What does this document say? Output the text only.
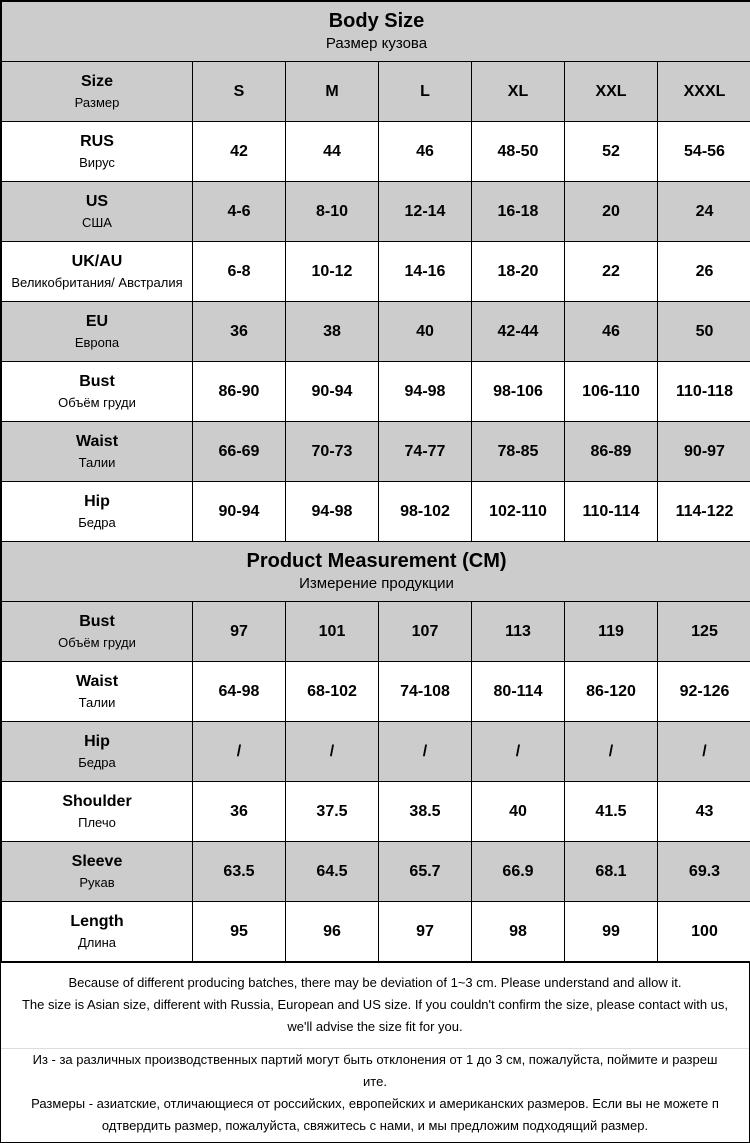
Body Size
Размер кузова						

Size
Размер	S	M	L	XL	XXL	XXXL

RUS
Вирус	42	44	46	48-50	52	54-56

US
США	4-6	8-10	12-14	16-18	20	24

UK/AU
Великобритания/ Австралия	6-8	10-12	14-16	18-20	22	26

EU
Европа	36	38	40	42-44	46	50

Bust
Объём груди	86-90	90-94	94-98	98-106	106-110	110-118

Waist
Талии	66-69	70-73	74-77	78-85	86-89	90-97

Hip
Бедра	90-94	94-98	98-102	102-110	110-114	114-122

Product Measurement (CM)
Измерение продукции						

Bust
Объём груди	97	101	107	113	119	125

Waist
Талии	64-98	68-102	74-108	80-114	86-120	92-126

Hip
Бедра	/	/	/	/	/	/

Shoulder
Плечо	36	37.5	38.5	40	41.5	43

Sleeve
Рукав	63.5	64.5	65.7	66.9	68.1	69.3

Length
Длина	95	96	97	98	99	100
Because of different producing batches, there may be deviation of 1~3 cm. Please understand and allow it.
The size is Asian size, different with Russia, European and US size. If you couldn't confirm the size, please contact with us,
we'll advise the size fit for you.
Из - за различных производственных партий могут быть отклонения от 1 до 3 см, пожалуйста, поймите и разреш
ите.
Размеры - азиатские, отличающиеся от российских, европейских и американских размеров. Если вы не можете п
одтвердить размер, пожалуйста, свяжитесь с нами, и мы предложим подходящий размер.
